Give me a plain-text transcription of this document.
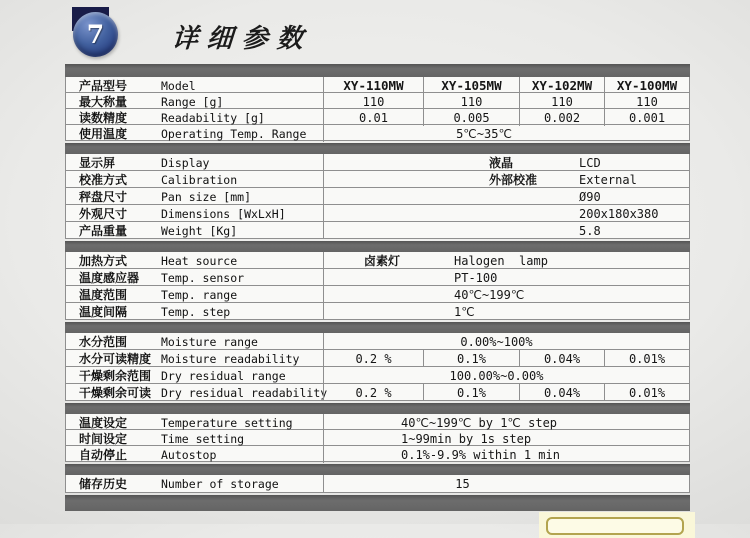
7	详细参数
产品型号	Model	XY-110MW	XY-105MW	XY-102MW	XY-100MW
最大称量	Range [g]	110	110	110	110
读数精度	Readability [g]	0.01	0.005	0.002	0.001
使用温度	Operating Temp. Range	5℃~35℃
显示屏	Display	液晶	LCD
校准方式	Calibration	外部校准	External
秤盘尺寸	Pan size [mm]	Ø90
外观尺寸	Dimensions [WxLxH]	200x180x380
产品重量	Weight [Kg]	5.8
加热方式	Heat source	卤素灯	Halogen  lamp
温度感应器	Temp. sensor	PT-100
温度范围	Temp. range	40℃~199℃
温度间隔	Temp. step	1℃
水分范围	Moisture range	0.00%~100%
水分可读精度 Moisture readability	0.2 %	0.1%	0.04%	0.01%
干燥剩余范围 Dry residual range	100.00%~0.00%
干燥剩余可读 Dry residual readability	0.2 %	0.1%	0.04%	0.01%
温度设定	Temperature setting	40℃~199℃ by 1℃ step
时间设定	Time setting	1~99min by 1s step
自动停止	Autostop	0.1%-9.9% within 1 min
储存历史	Number of storage	15
